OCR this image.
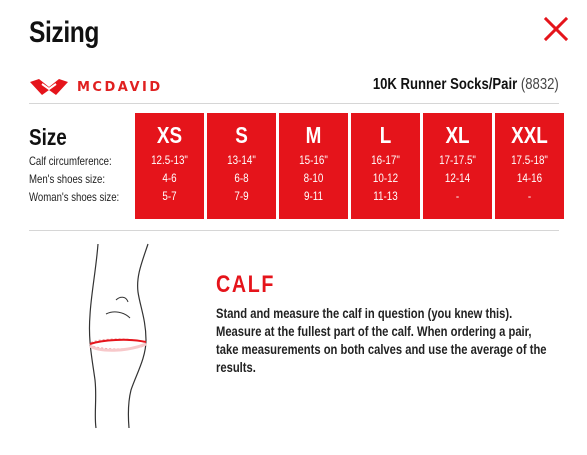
Sizing
MCDAVID	10K Runner Socks/Pair (8832)
Size
Calf circumference:
Men's shoes size:
Woman's shoes size:
XS
12.5-13"
4-6
5-7
S
13-14"
6-8
7-9
M
15-16"
8-10
9-11
L
16-17"
10-12
11-13
XL
17-17.5"
12-14
-
XXL
17.5-18"
14-16
-
CALF
Stand and measure the calf in question (you knew this). Measure at the fullest part of the calf. When ordering a pair, take measurements on both calves and use the average of the results.
